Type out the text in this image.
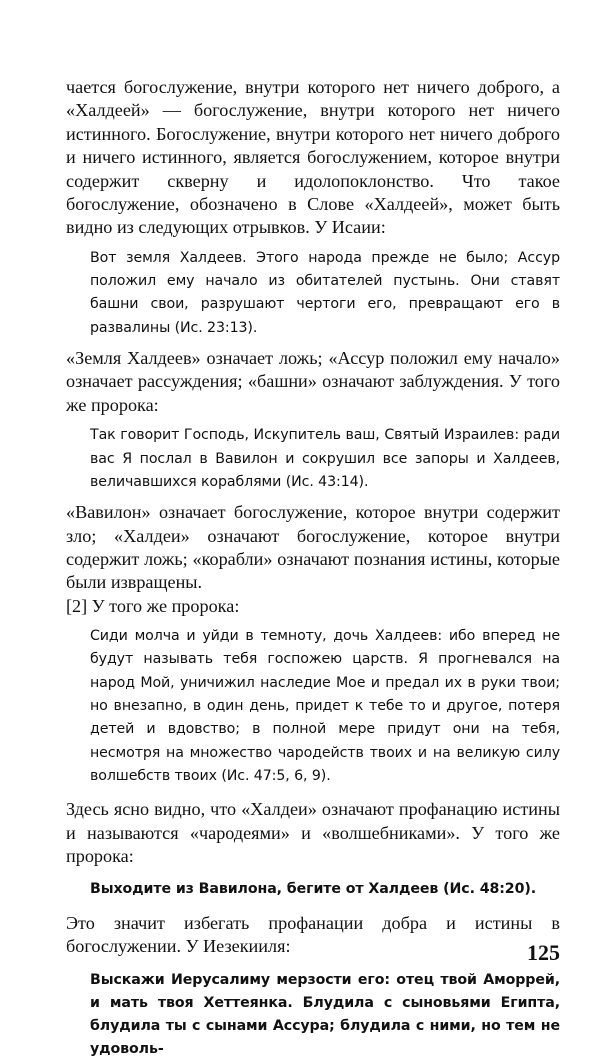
чается богослужение, внутри которого нет ничего доброго, а «Халдеей» — богослужение, внутри которого нет ничего истинного. Богослужение, внутри которого нет ничего доброго и ничего истинного, является богослужением, которое внутри содержит скверну и идолопоклонство. Что такое богослужение, обозначено в Слове «Халдеей», может быть видно из следующих отрывков. У Исаии:

Вот земля Халдеев. Этого народа прежде не было; Ассур положил ему начало из обитателей пустынь. Они ставят башни свои, разрушают чертоги его, превращают его в развалины (Ис. 23:13).

«Земля Халдеев» означает ложь; «Ассур положил ему начало» означает рассуждения; «башни» означают заблуждения. У того же пророка:

Так говорит Господь, Искупитель ваш, Святый Израилев: ради вас Я послал в Вавилон и сокрушил все запоры и Халдеев, величавшихся кораблями (Ис. 43:14).

«Вавилон» означает богослужение, которое внутри содержит зло; «Халдеи» означают богослужение, которое внутри содержит ложь; «корабли» означают познания истины, которые были извращены.

[2] У того же пророка:

Сиди молча и уйди в темноту, дочь Халдеев: ибо вперед не будут называть тебя госпожею царств. Я прогневался на народ Мой, уничижил наследие Мое и предал их в руки твои; но внезапно, в один день, придет к тебе то и другое, потеря детей и вдовство; в полной мере придут они на тебя, несмотря на множество чародейств твоих и на великую силу волшебств твоих (Ис. 47:5, 6, 9).

Здесь ясно видно, что «Халдеи» означают профанацию истины и называются «чародеями» и «волшебниками». У того же пророка:

Выходите из Вавилона, бегите от Халдеев (Ис. 48:20).

Это значит избегать профанации добра и истины в богослужении. У Иезекииля:

Выскажи Иерусалиму мерзости его: отец твой Аморрей, и мать твоя Хеттеянка. Блудила с сыновьями Египта, блудила ты с сынами Ассура; блудила с ними, но тем не удоволь-

125
